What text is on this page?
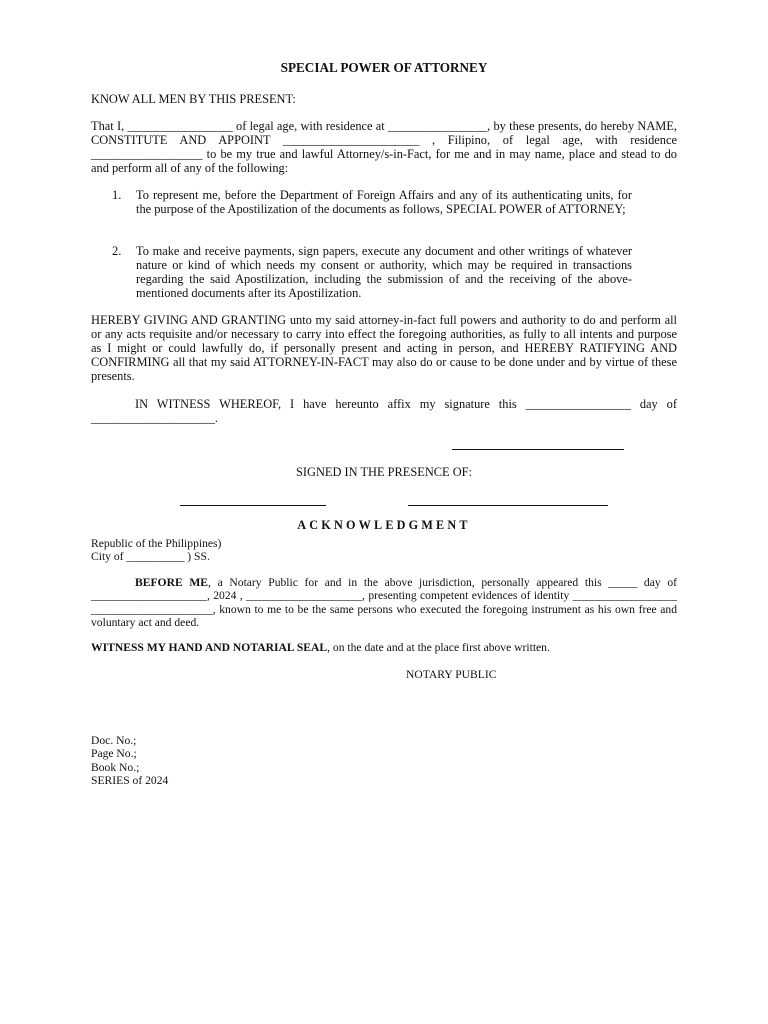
SPECIAL POWER OF ATTORNEY

KNOW ALL MEN BY THIS PRESENT:

That I, _________________ of legal age, with residence at ________________, by these presents, do hereby NAME, CONSTITUTE AND APPOINT ______________________ , Filipino, of legal age, with residence __________________ to be my true and lawful Attorney/s-in-Fact, for me and in may name, place and stead to do and perform all of any of the following:

1. To represent me, before the Department of Foreign Affairs and any of its authenticating units, for the purpose of the Apostilization of the documents as follows, SPECIAL POWER of ATTORNEY;
2. To make and receive payments, sign papers, execute any document and other writings of whatever nature or kind of which needs my consent or authority, which may be required in transactions regarding the said Apostilization, including the submission of and the receiving of the above-mentioned documents after its Apostilization.

HEREBY GIVING AND GRANTING unto my said attorney-in-fact full powers and authority to do and perform all or any acts requisite and/or necessary to carry into effect the foregoing authorities, as fully to all intents and purpose as I might or could lawfully do, if personally present and acting in person, and HEREBY RATIFYING AND CONFIRMING all that my said ATTORNEY-IN-FACT may also do or cause to be done under and by virtue of these presents.

IN WITNESS WHEREOF, I have hereunto affix my signature this _________________ day of ____________________.

SIGNED IN THE PRESENCE OF:

ACKNOWLEDGMENT

Republic of the Philippines)

City of __________ ) SS.

BEFORE ME, a Notary Public for and in the above jurisdiction, personally appeared this _____ day of ____________________, 2024 , ____________________, presenting competent evidences of identity __________________ _____________________, known to me to be the same persons who executed the foregoing instrument as his own free and voluntary act and deed.

WITNESS MY HAND AND NOTARIAL SEAL, on the date and at the place first above written.

NOTARY PUBLIC

Doc. No.;

Page No.;

Book No.;

SERIES of 2024
